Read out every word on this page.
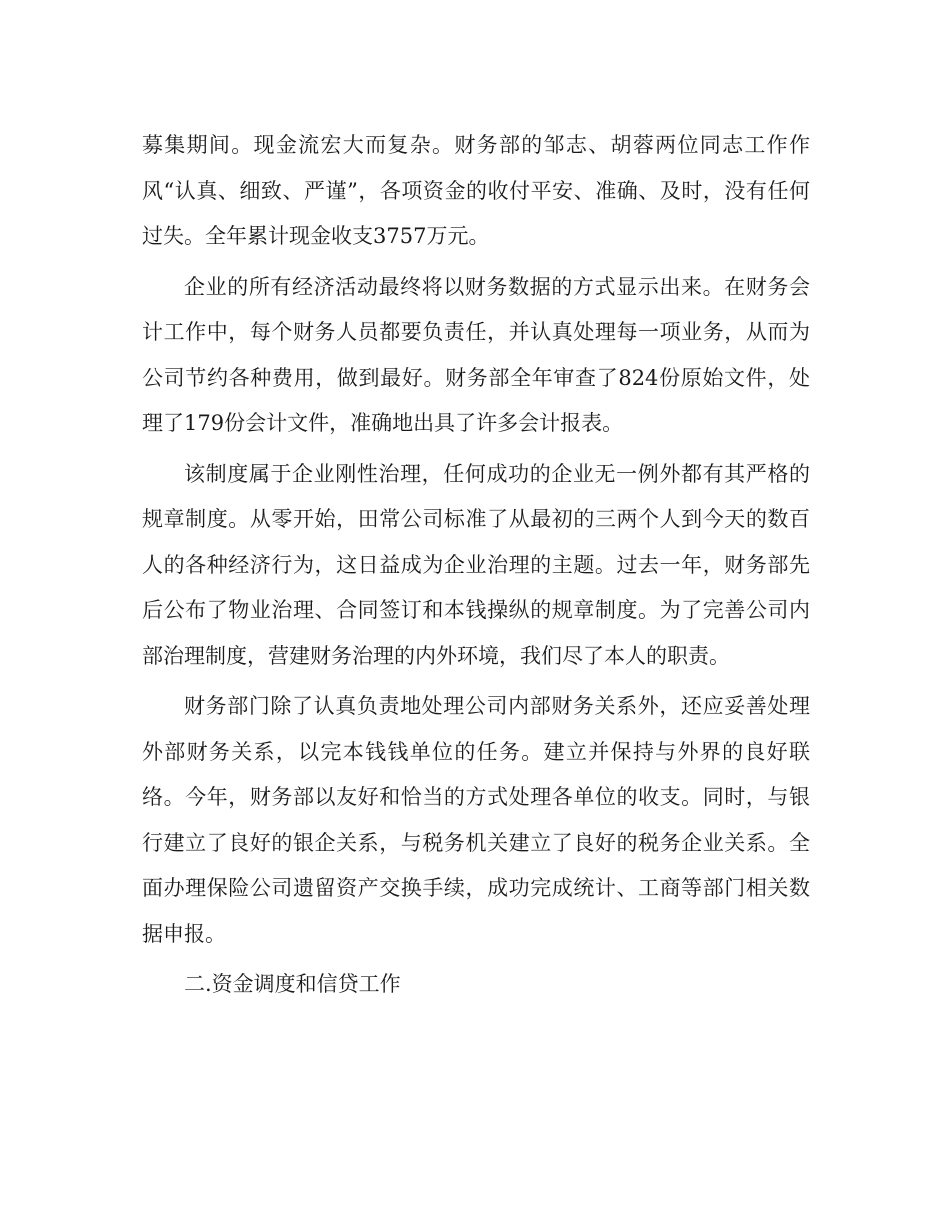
募集期间。现金流宏大而复杂。财务部的邹志、胡蓉两位同志工作作风“认真、细致、严谨”，各项资金的收付平安、准确、及时，没有任何过失。全年累计现金收支3757万元。

企业的所有经济活动最终将以财务数据的方式显示出来。在财务会计工作中，每个财务人员都要负责任，并认真处理每一项业务，从而为公司节约各种费用，做到最好。财务部全年审查了824份原始文件，处理了179份会计文件，准确地出具了许多会计报表。

该制度属于企业刚性治理，任何成功的企业无一例外都有其严格的规章制度。从零开始，田常公司标准了从最初的三两个人到今天的数百人的各种经济行为，这日益成为企业治理的主题。过去一年，财务部先后公布了物业治理、合同签订和本钱操纵的规章制度。为了完善公司内部治理制度，营建财务治理的内外环境，我们尽了本人的职责。

财务部门除了认真负责地处理公司内部财务关系外，还应妥善处理外部财务关系，以完本钱钱单位的任务。建立并保持与外界的良好联络。今年，财务部以友好和恰当的方式处理各单位的收支。同时，与银行建立了良好的银企关系，与税务机关建立了良好的税务企业关系。全面办理保险公司遗留资产交换手续，成功完成统计、工商等部门相关数据申报。

二.资金调度和信贷工作
